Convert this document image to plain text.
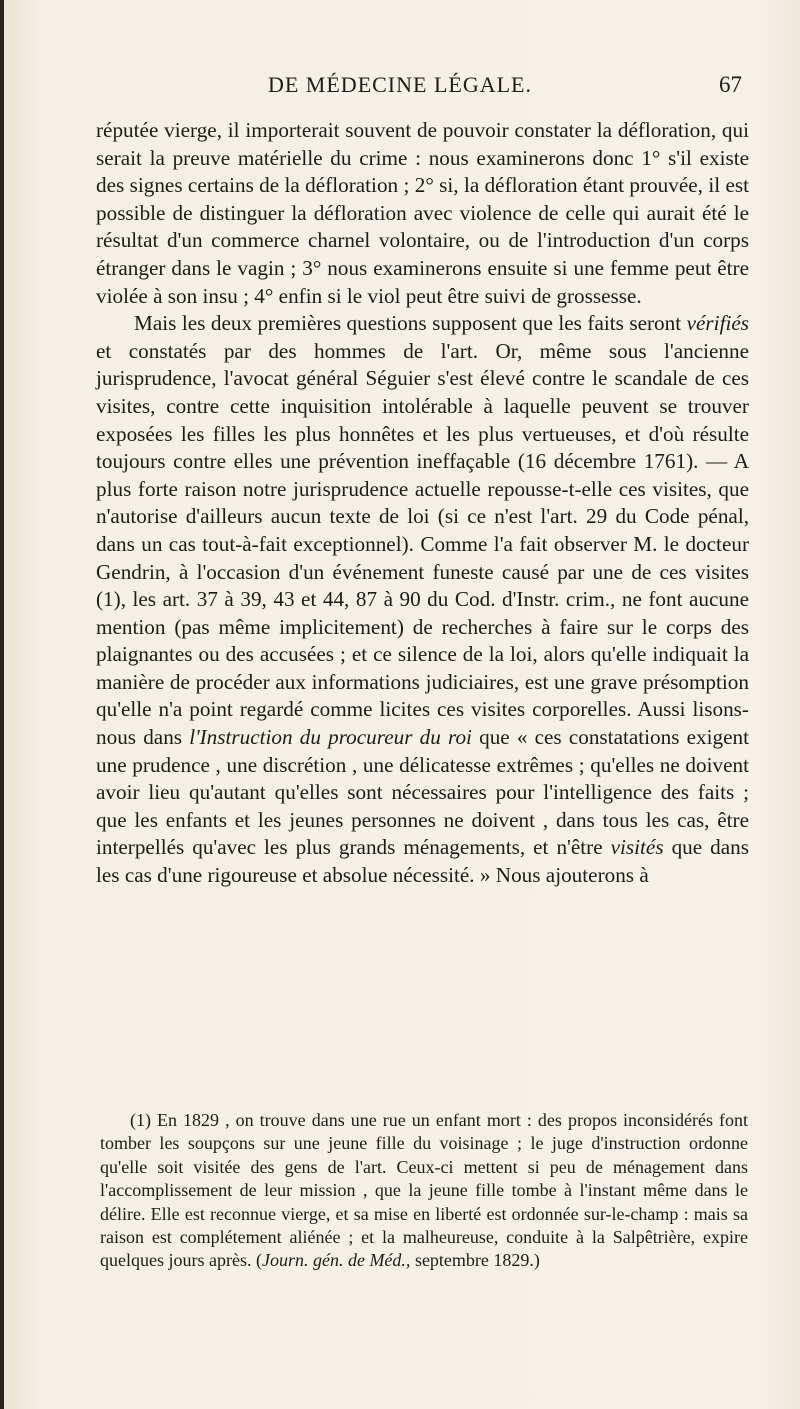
DE MÉDECINE LÉGALE.	67

réputée vierge, il importerait souvent de pouvoir constater la défloration, qui serait la preuve matérielle du crime : nous examinerons donc 1° s'il existe des signes certains de la défloration ; 2° si, la défloration étant prouvée, il est possible de distinguer la défloration avec violence de celle qui aurait été le résultat d'un commerce charnel volontaire, ou de l'introduction d'un corps étranger dans le vagin ; 3° nous examinerons ensuite si une femme peut être violée à son insu ; 4° enfin si le viol peut être suivi de grossesse.

Mais les deux premières questions supposent que les faits seront vérifiés et constatés par des hommes de l'art. Or, même sous l'ancienne jurisprudence, l'avocat général Séguier s'est élevé contre le scandale de ces visites, contre cette inquisition intolérable à laquelle peuvent se trouver exposées les filles les plus honnêtes et les plus vertueuses, et d'où résulte toujours contre elles une prévention ineffaçable (16 décembre 1761). — A plus forte raison notre jurisprudence actuelle repousse-t-elle ces visites, que n'autorise d'ailleurs aucun texte de loi (si ce n'est l'art. 29 du Code pénal, dans un cas tout-à-fait exceptionnel). Comme l'a fait observer M. le docteur Gendrin, à l'occasion d'un événement funeste causé par une de ces visites (1), les art. 37 à 39, 43 et 44, 87 à 90 du Cod. d'Instr. crim., ne font aucune mention (pas même implicitement) de recherches à faire sur le corps des plaignantes ou des accusées ; et ce silence de la loi, alors qu'elle indiquait la manière de procéder aux informations judiciaires, est une grave présomption qu'elle n'a point regardé comme licites ces visites corporelles. Aussi lisons-nous dans l'Instruction du procureur du roi que « ces constatations exigent une prudence , une discrétion , une délicatesse extrêmes ; qu'elles ne doivent avoir lieu qu'autant qu'elles sont nécessaires pour l'intelligence des faits ; que les enfants et les jeunes personnes ne doivent , dans tous les cas, être interpellés qu'avec les plus grands ménagements, et n'être visités que dans les cas d'une rigoureuse et absolue nécessité. » Nous ajouterons à

(1) En 1829 , on trouve dans une rue un enfant mort : des propos inconsidérés font tomber les soupçons sur une jeune fille du voisinage ; le juge d'instruction ordonne qu'elle soit visitée des gens de l'art. Ceux-ci mettent si peu de ménagement dans l'accomplissement de leur mission , que la jeune fille tombe à l'instant même dans le délire. Elle est reconnue vierge, et sa mise en liberté est ordonnée sur-le-champ : mais sa raison est complétement aliénée ; et la malheureuse, conduite à la Salpêtrière, expire quelques jours après. (Journ. gén. de Méd., septembre 1829.)
